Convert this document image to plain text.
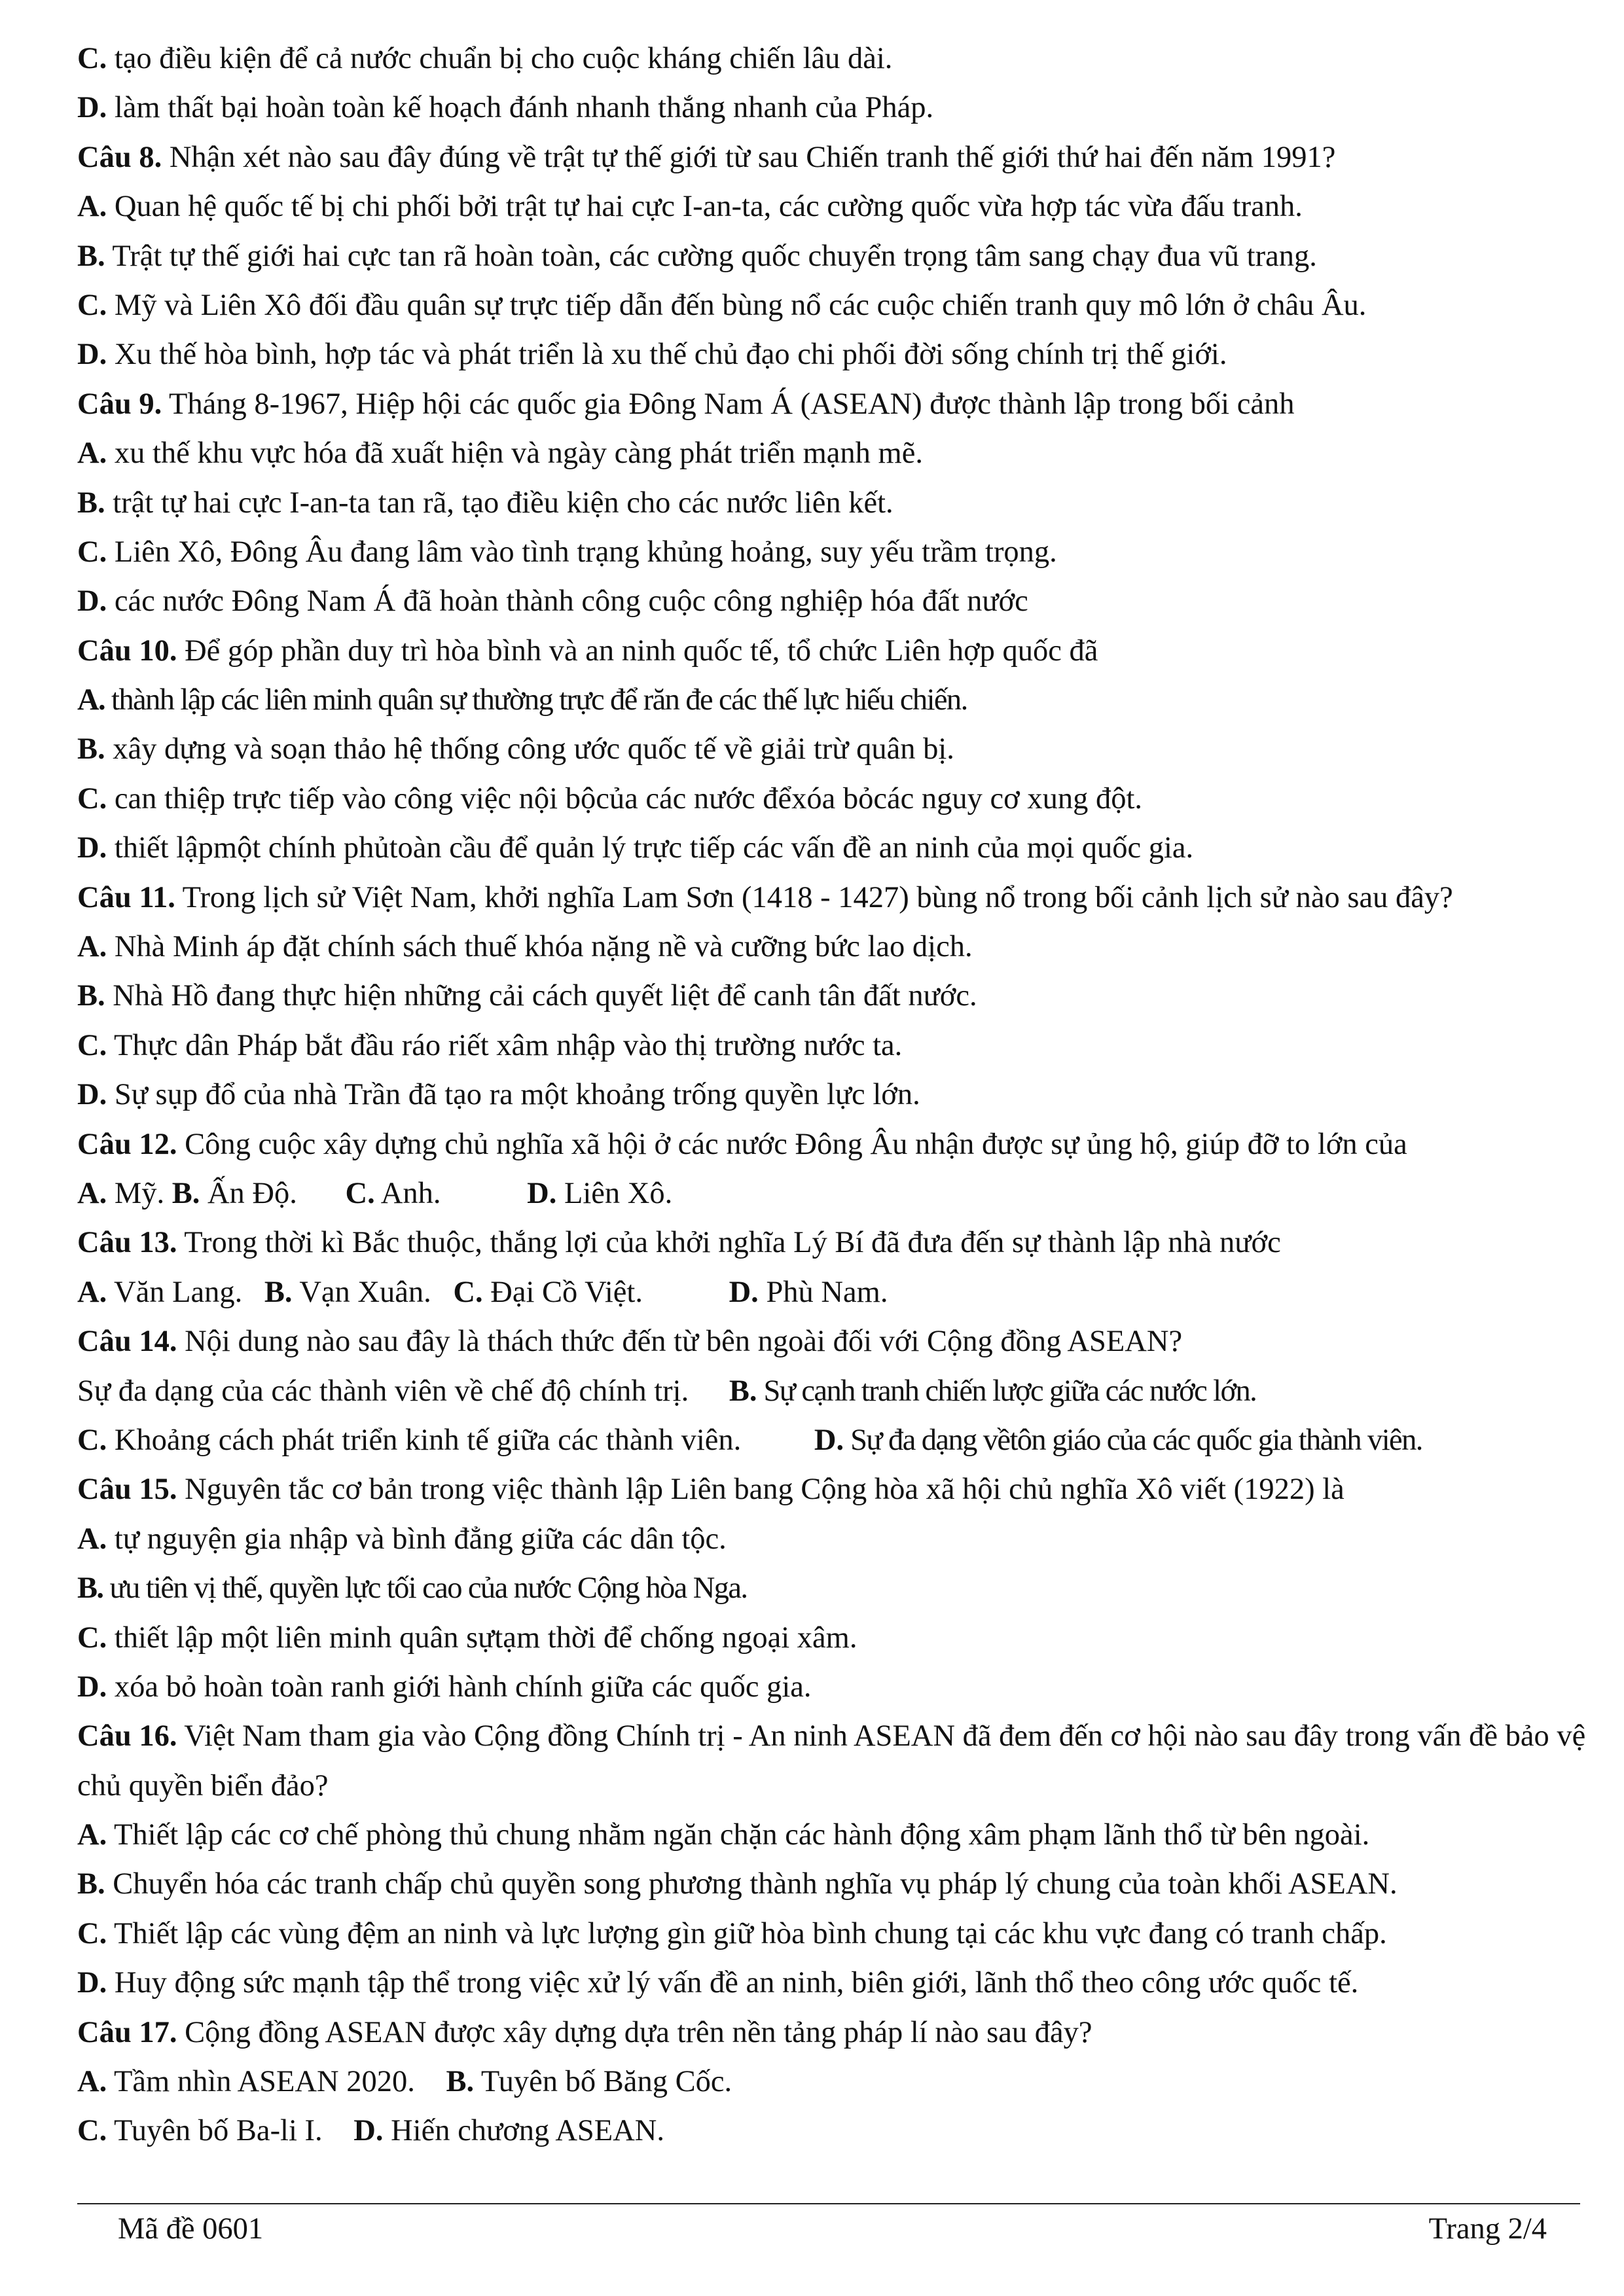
C. tạo điều kiện để cả nước chuẩn bị cho cuộc kháng chiến lâu dài.
D. làm thất bại hoàn toàn kế hoạch đánh nhanh thắng nhanh của Pháp.
Câu 8. Nhận xét nào sau đây đúng về trật tự thế giới từ sau Chiến tranh thế giới thứ hai đến năm 1991?
A. Quan hệ quốc tế bị chi phối bởi trật tự hai cực I-an-ta, các cường quốc vừa hợp tác vừa đấu tranh.
B. Trật tự thế giới hai cực tan rã hoàn toàn, các cường quốc chuyển trọng tâm sang chạy đua vũ trang.
C. Mỹ và Liên Xô đối đầu quân sự trực tiếp dẫn đến bùng nổ các cuộc chiến tranh quy mô lớn ở châu Âu.
D. Xu thế hòa bình, hợp tác và phát triển là xu thế chủ đạo chi phối đời sống chính trị thế giới.
Câu 9. Tháng 8-1967, Hiệp hội các quốc gia Đông Nam Á (ASEAN) được thành lập trong bối cảnh
A. xu thế khu vực hóa đã xuất hiện và ngày càng phát triển mạnh mẽ.
B. trật tự hai cực I-an-ta tan rã, tạo điều kiện cho các nước liên kết.
C. Liên Xô, Đông Âu đang lâm vào tình trạng khủng hoảng, suy yếu trầm trọng.
D. các nước Đông Nam Á đã hoàn thành công cuộc công nghiệp hóa đất nước
Câu 10. Để góp phần duy trì hòa bình và an ninh quốc tế, tổ chức Liên hợp quốc đã
A. thành lập các liên minh quân sự thường trực để răn đe các thế lực hiếu chiến.
B. xây dựng và soạn thảo hệ thống công ước quốc tế về giải trừ quân bị.
C. can thiệp trực tiếp vào công việc nội bộcủa các nước đểxóa bỏcác nguy cơ xung đột.
D. thiết lậpmột chính phủtoàn cầu để quản lý trực tiếp các vấn đề an ninh của mọi quốc gia.
Câu 11. Trong lịch sử Việt Nam, khởi nghĩa Lam Sơn (1418 - 1427) bùng nổ trong bối cảnh lịch sử nào sau đây?
A. Nhà Minh áp đặt chính sách thuế khóa nặng nề và cưỡng bức lao dịch.
B. Nhà Hồ đang thực hiện những cải cách quyết liệt để canh tân đất nước.
C. Thực dân Pháp bắt đầu ráo riết xâm nhập vào thị trường nước ta.
D. Sự sụp đổ của nhà Trần đã tạo ra một khoảng trống quyền lực lớn.
Câu 12. Công cuộc xây dựng chủ nghĩa xã hội ở các nước Đông Âu nhận được sự ủng hộ, giúp đỡ to lớn của
A. Mỹ. B. Ấn Độ. C. Anh.	D. Liên Xô.
Câu 13. Trong thời kì Bắc thuộc, thắng lợi của khởi nghĩa Lý Bí đã đưa đến sự thành lập nhà nước
A. Văn Lang. B. Vạn Xuân. C. Đại Cồ Việt.	D. Phù Nam.
Câu 14. Nội dung nào sau đây là thách thức đến từ bên ngoài đối với Cộng đồng ASEAN?
Sự đa dạng của các thành viên về chế độ chính trị. B. Sự cạnh tranh chiến lược giữa các nước lớn.
C. Khoảng cách phát triển kinh tế giữa các thành viên. D. Sự đa dạng vềtôn giáo của các quốc gia thành viên.
Câu 15. Nguyên tắc cơ bản trong việc thành lập Liên bang Cộng hòa xã hội chủ nghĩa Xô viết (1922) là
A. tự nguyện gia nhập và bình đẳng giữa các dân tộc.
B. ưu tiên vị thế, quyền lực tối cao của nước Cộng hòa Nga.
C. thiết lập một liên minh quân sựtạm thời để chống ngoại xâm.
D. xóa bỏ hoàn toàn ranh giới hành chính giữa các quốc gia.
Câu 16. Việt Nam tham gia vào Cộng đồng Chính trị - An ninh ASEAN đã đem đến cơ hội nào sau đây trong vấn đề bảo vệ chủ quyền biển đảo?
A. Thiết lập các cơ chế phòng thủ chung nhằm ngăn chặn các hành động xâm phạm lãnh thổ từ bên ngoài.
B. Chuyển hóa các tranh chấp chủ quyền song phương thành nghĩa vụ pháp lý chung của toàn khối ASEAN.
C. Thiết lập các vùng đệm an ninh và lực lượng gìn giữ hòa bình chung tại các khu vực đang có tranh chấp.
D. Huy động sức mạnh tập thể trong việc xử lý vấn đề an ninh, biên giới, lãnh thổ theo công ước quốc tế.
Câu 17. Cộng đồng ASEAN được xây dựng dựa trên nền tảng pháp lí nào sau đây?
A. Tầm nhìn ASEAN 2020. B. Tuyên bố Băng Cốc.
C. Tuyên bố Ba-li I. D. Hiến chương ASEAN.
Mã đề 0601	Trang 2/4
